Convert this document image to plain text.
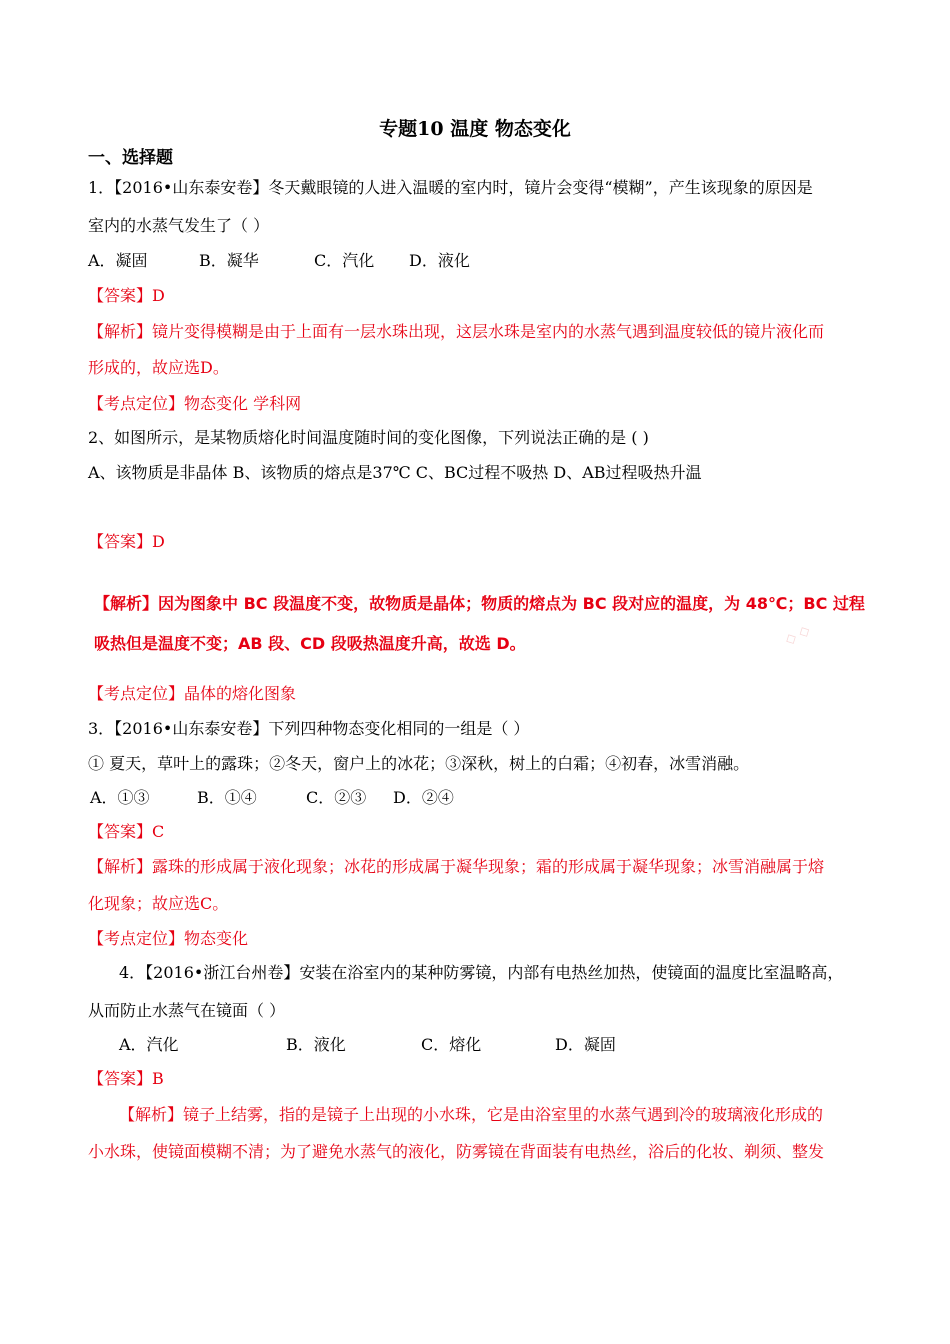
专题10 温度 物态变化
一、选择题
1．【2016•山东泰安卷】冬天戴眼镜的人进入温暖的室内时，镜片会变得“模糊”，产生该现象的原因是
室内的水蒸气发生了（ ）
A．凝固	B．凝华	C．汽化 D．液化
【答案】D
【解析】镜片变得模糊是由于上面有一层水珠出现，这层水珠是室内的水蒸气遇到温度较低的镜片液化而
形成的，故应选D。
【考点定位】物态变化 学科网
2、如图所示，是某物质熔化时间温度随时间的变化图像，下列说法正确的是 ( )
A、该物质是非晶体 B、该物质的熔点是37℃ C、BC过程不吸热 D、AB过程吸热升温
【答案】D
【解析】因为图象中 BC 段温度不变，故物质是晶体；物质的熔点为 BC 段对应的温度，为 48℃；BC 过程
吸热但是温度不变；AB 段、CD 段吸热温度升高，故选 D。	◇ ◇
【考点定位】晶体的熔化图象
3．【2016•山东泰安卷】下列四种物态变化相同的一组是（ ）
① 夏天，草叶上的露珠；②冬天，窗户上的冰花；③深秋，树上的白霜；④初春，冰雪消融。
A．①③	B．①④	C．②③ D．②④
【答案】C
【解析】露珠的形成属于液化现象；冰花的形成属于凝华现象；霜的形成属于凝华现象；冰雪消融属于熔
化现象；故应选C。
【考点定位】物态变化
4．【2016•浙江台州卷】安装在浴室内的某种防雾镜，内部有电热丝加热，使镜面的温度比室温略高，
从而防止水蒸气在镜面（ ）
A．汽化	B．液化	C．熔化	D．凝固
【答案】B
【解析】镜子上结雾，指的是镜子上出现的小水珠，它是由浴室里的水蒸气遇到冷的玻璃液化形成的
小水珠，使镜面模糊不清；为了避免水蒸气的液化，防雾镜在背面装有电热丝，浴后的化妆、剃须、整发
